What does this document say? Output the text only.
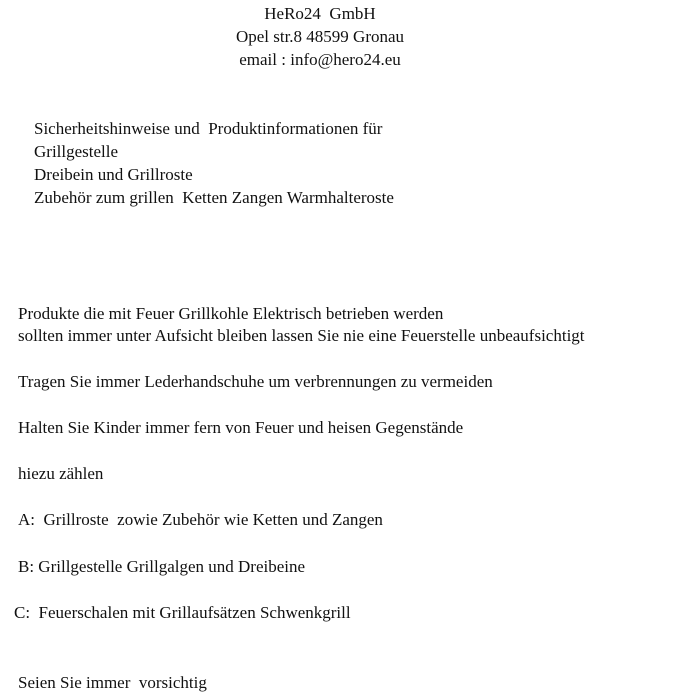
HeRo24  GmbH
Opel str.8 48599 Gronau
email : info@hero24.eu
Sicherheitshinweise und  Produktinformationen für
Grillgestelle
Dreibein und Grillroste
Zubehör zum grillen  Ketten Zangen Warmhalteroste
Produkte die mit Feuer Grillkohle Elektrisch betrieben werden
sollten immer unter Aufsicht bleiben lassen Sie nie eine Feuerstelle unbeaufsichtigt
Tragen Sie immer Lederhandschuhe um verbrennungen zu vermeiden
Halten Sie Kinder immer fern von Feuer und heisen Gegenstände
hiezu zählen
A:  Grillroste  zowie Zubehör wie Ketten und Zangen
B: Grillgestelle Grillgalgen und Dreibeine
C:  Feuerschalen mit Grillaufsätzen Schwenkgrill
Seien Sie immer  vorsichtig
